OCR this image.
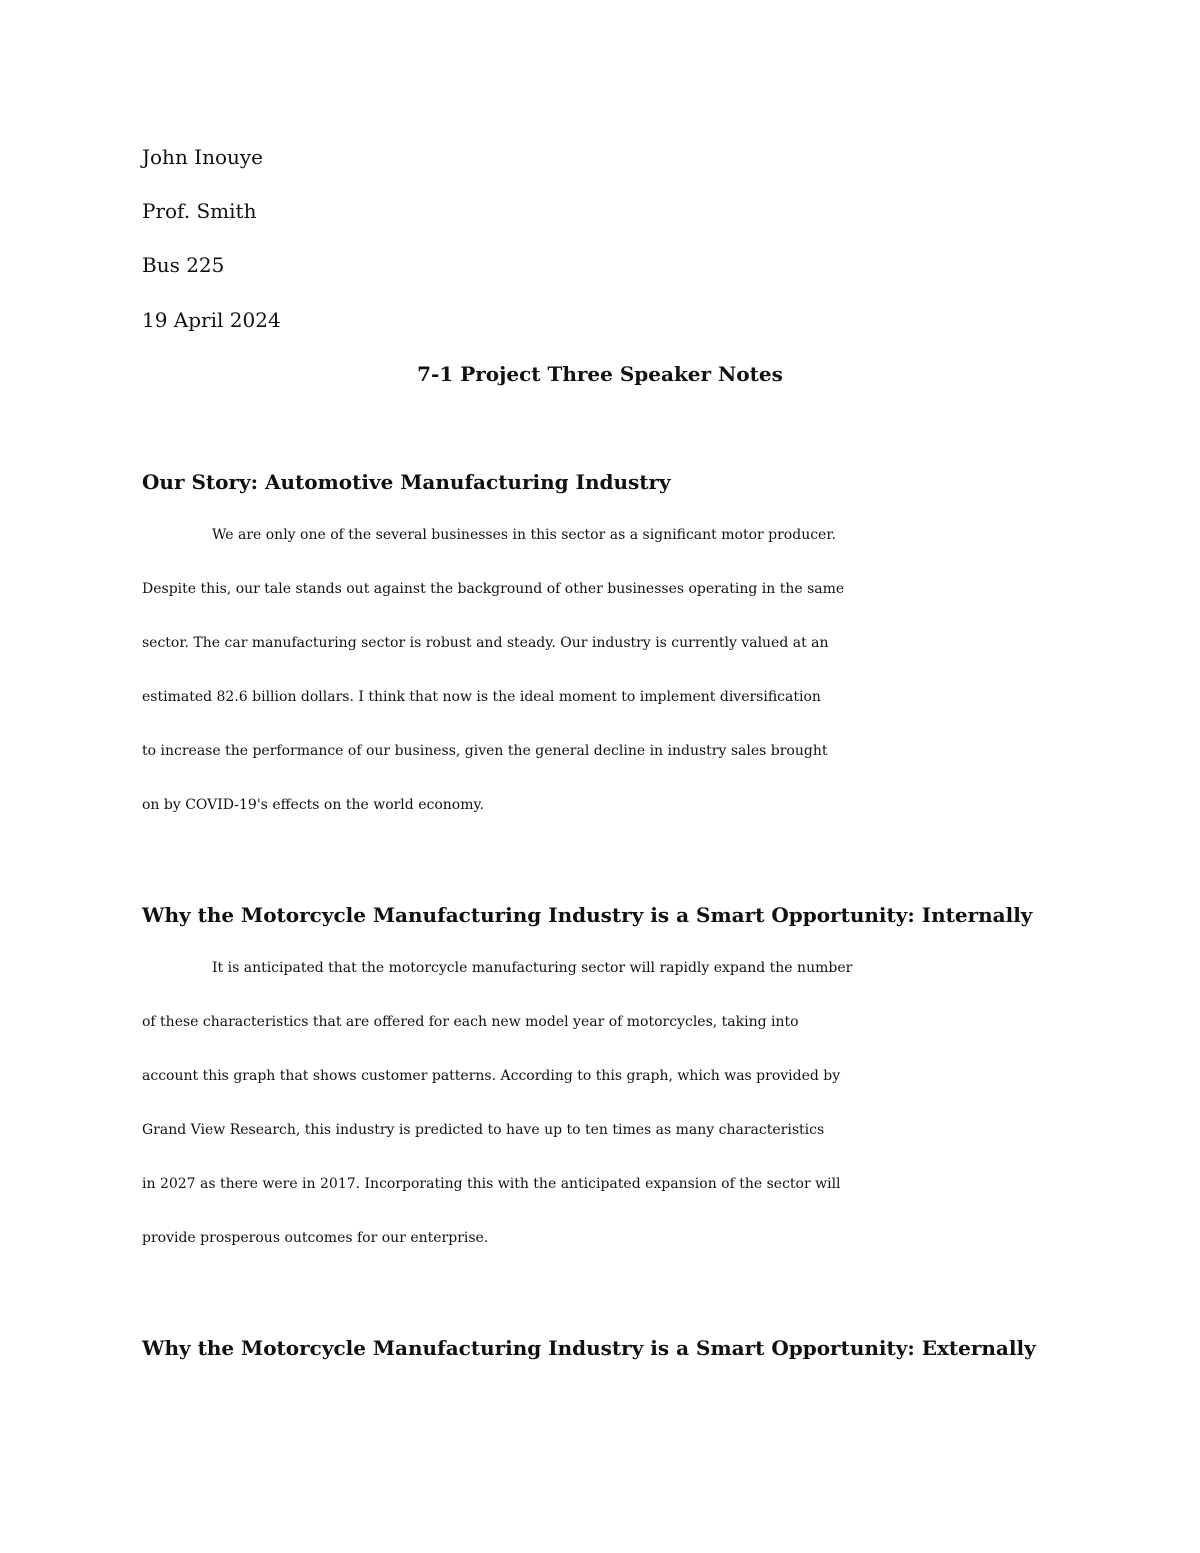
John Inouye
Prof. Smith
Bus 225
19 April 2024
7-1 Project Three Speaker Notes
Our Story: Automotive Manufacturing Industry
We are only one of the several businesses in this sector as a significant motor producer.
Despite this, our tale stands out against the background of other businesses operating in the same
sector. The car manufacturing sector is robust and steady. Our industry is currently valued at an
estimated 82.6 billion dollars. I think that now is the ideal moment to implement diversification
to increase the performance of our business, given the general decline in industry sales brought
on by COVID-19's effects on the world economy.
Why the Motorcycle Manufacturing Industry is a Smart Opportunity: Internally
It is anticipated that the motorcycle manufacturing sector will rapidly expand the number
of these characteristics that are offered for each new model year of motorcycles, taking into
account this graph that shows customer patterns. According to this graph, which was provided by
Grand View Research, this industry is predicted to have up to ten times as many characteristics
in 2027 as there were in 2017. Incorporating this with the anticipated expansion of the sector will
provide prosperous outcomes for our enterprise.
Why the Motorcycle Manufacturing Industry is a Smart Opportunity: Externally
